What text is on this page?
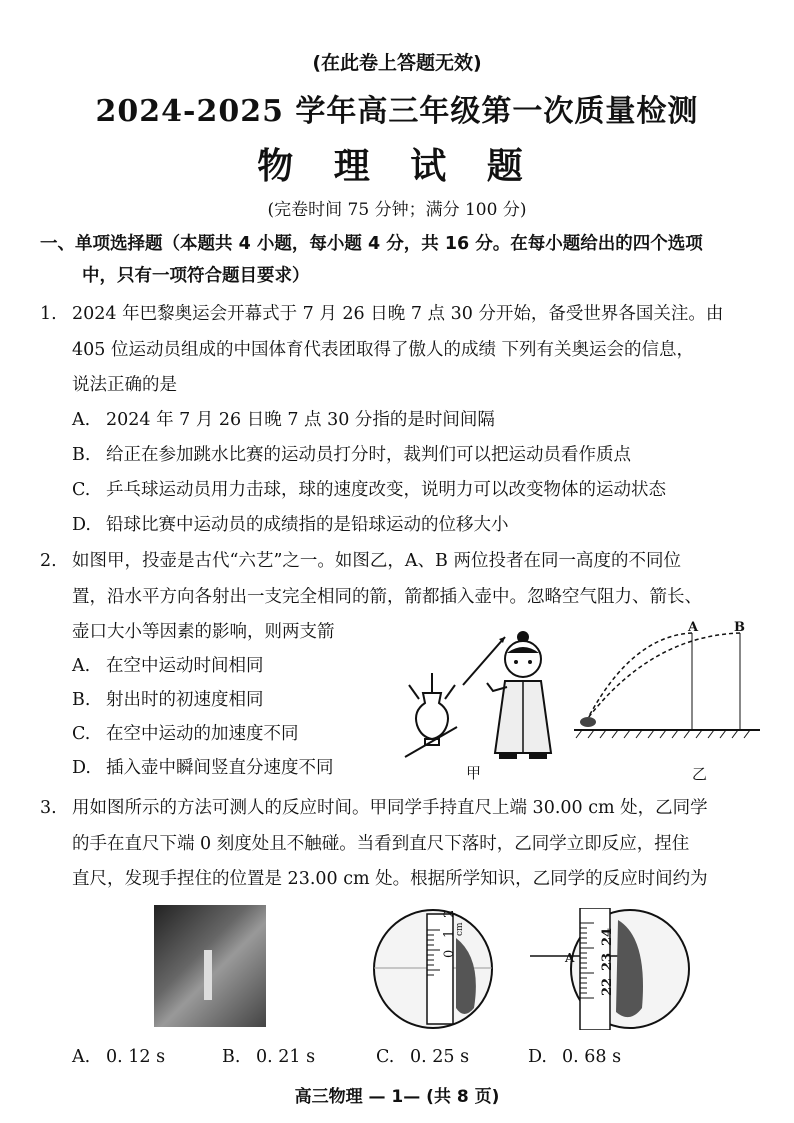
(在此卷上答题无效)
2024-2025 学年高三年级第一次质量检测
物 理 试 题
(完卷时间 75 分钟；满分 100 分)
一、单项选择题（本题共 4 小题，每小题 4 分，共 16 分。在每小题给出的四个选项
中，只有一项符合题目要求）
1. 2024 年巴黎奥运会开幕式于 7 月 26 日晚 7 点 30 分开始，备受世界各国关注。由
405 位运动员组成的中国体育代表团取得了傲人的成绩 下列有关奥运会的信息，
说法正确的是
A. 2024 年 7 月 26 日晚 7 点 30 分指的是时间间隔
B. 给正在参加跳水比赛的运动员打分时，裁判们可以把运动员看作质点
C. 乒乓球运动员用力击球，球的速度改变，说明力可以改变物体的运动状态
D. 铅球比赛中运动员的成绩指的是铅球运动的位移大小
2. 如图甲，投壶是古代“六艺”之一。如图乙，A、B 两位投者在同一高度的不同位
置，沿水平方向各射出一支完全相同的箭，箭都插入壶中。忽略空气阻力、箭长、
壶口大小等因素的影响，则两支箭
A. 在空中运动时间相同
B. 射出时的初速度相同
C. 在空中运动的加速度不同
D. 插入壶中瞬间竖直分速度不同	甲
A	B
乙
3. 用如图所示的方法可测人的反应时间。甲同学手持直尺上端 30.00 cm 处，乙同学
的手在直尺下端 0 刻度处且不触碰。当看到直尺下落时，乙同学立即反应，捏住
直尺，发现手捏住的位置是 23.00 cm 处。根据所学知识，乙同学的反应时间约为
0
1
2
cm
A
22
23
24
A. 0. 12 s	B. 0. 21 s	C. 0. 25 s	D. 0. 68 s
高三物理 — 1— (共 8 页)
